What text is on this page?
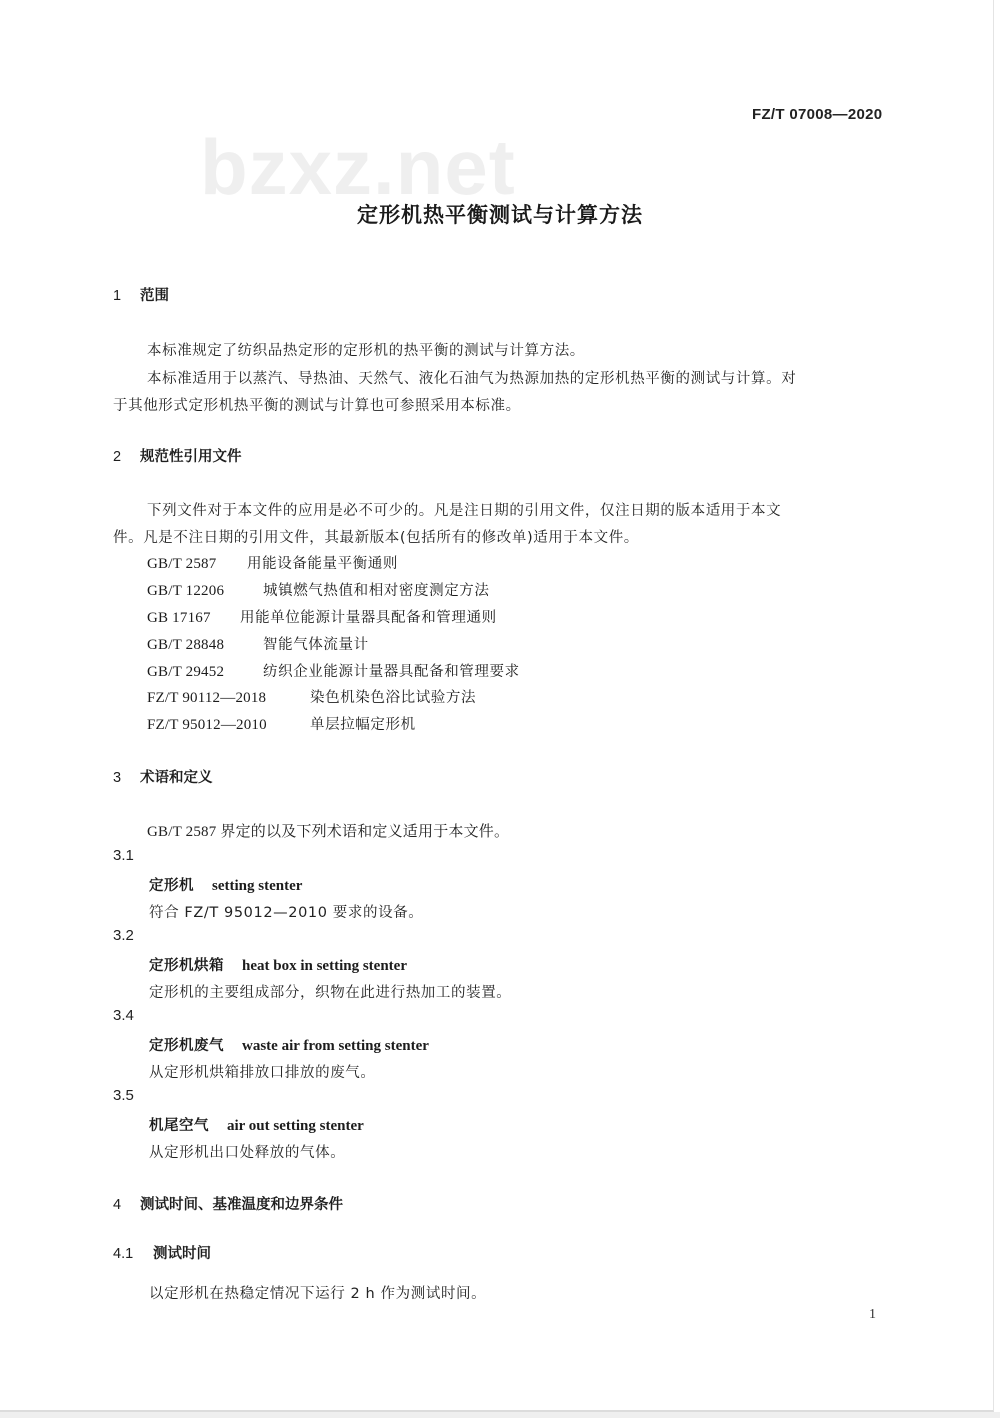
FZ/T 07008—2020
bzxz.net
定形机热平衡测试与计算方法
1 范围
本标准规定了纺织品热定形的定形机的热平衡的测试与计算方法。
本标准适用于以蒸汽、导热油、天然气、液化石油气为热源加热的定形机热平衡的测试与计算。对
于其他形式定形机热平衡的测试与计算也可参照采用本标准。
2 规范性引用文件
下列文件对于本文件的应用是必不可少的。凡是注日期的引用文件，仅注日期的版本适用于本文
件。凡是不注日期的引用文件，其最新版本(包括所有的修改单)适用于本文件。
GB/T 2587 用能设备能量平衡通则
GB/T 12206	城镇燃气热值和相对密度测定方法
GB 17167 用能单位能源计量器具配备和管理通则
GB/T 28848	智能气体流量计
GB/T 29452	纺织企业能源计量器具配备和管理要求
FZ/T 90112—2018	染色机染色浴比试验方法
FZ/T 95012—2010	单层拉幅定形机
3 术语和定义
GB/T 2587 界定的以及下列术语和定义适用于本文件。
3.1
定形机 setting stenter
符合 FZ/T 95012—2010 要求的设备。
3.2
定形机烘箱 heat box in setting stenter
定形机的主要组成部分，织物在此进行热加工的装置。
3.4
定形机废气 waste air from setting stenter
从定形机烘箱排放口排放的废气。
3.5
机尾空气 air out setting stenter
从定形机出口处释放的气体。
4 测试时间、基准温度和边界条件
4.1 测试时间
以定形机在热稳定情况下运行 2 h 作为测试时间。
1
